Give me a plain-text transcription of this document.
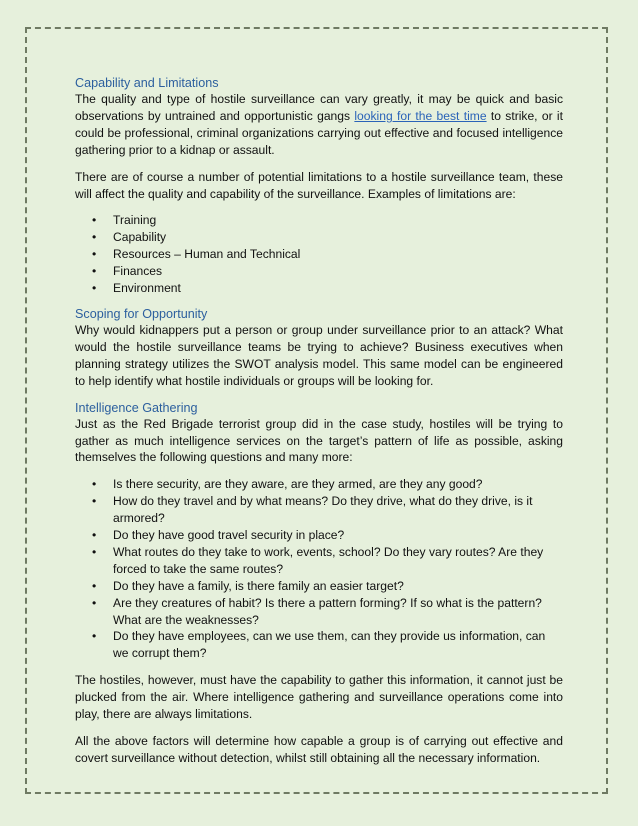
Capability and Limitations

The quality and type of hostile surveillance can vary greatly, it may be quick and basic observations by untrained and opportunistic gangs looking for the best time to strike, or it could be professional, criminal organizations carrying out effective and focused intelligence gathering prior to a kidnap or assault.

There are of course a number of potential limitations to a hostile surveillance team, these will affect the quality and capability of the surveillance. Examples of limitations are:

• Training
• Capability
• Resources – Human and Technical
• Finances
• Environment
Scoping for Opportunity

Why would kidnappers put a person or group under surveillance prior to an attack? What would the hostile surveillance teams be trying to achieve? Business executives when planning strategy utilizes the SWOT analysis model. This same model can be engineered to help identify what hostile individuals or groups will be looking for.

Intelligence Gathering

Just as the Red Brigade terrorist group did in the case study, hostiles will be trying to gather as much intelligence services on the target’s pattern of life as possible, asking themselves the following questions and many more:

• Is there security, are they aware, are they armed, are they any good?
• How do they travel and by what means? Do they drive, what do they drive, is it armored?
• Do they have good travel security in place?
• What routes do they take to work, events, school? Do they vary routes? Are they forced to take the same routes?
• Do they have a family, is there family an easier target?
• Are they creatures of habit? Is there a pattern forming? If so what is the pattern? What are the weaknesses?
• Do they have employees, can we use them, can they provide us information, can we corrupt them?

The hostiles, however, must have the capability to gather this information, it cannot just be plucked from the air. Where intelligence gathering and surveillance operations come into play, there are always limitations.

All the above factors will determine how capable a group is of carrying out effective and covert surveillance without detection, whilst still obtaining all the necessary information.
